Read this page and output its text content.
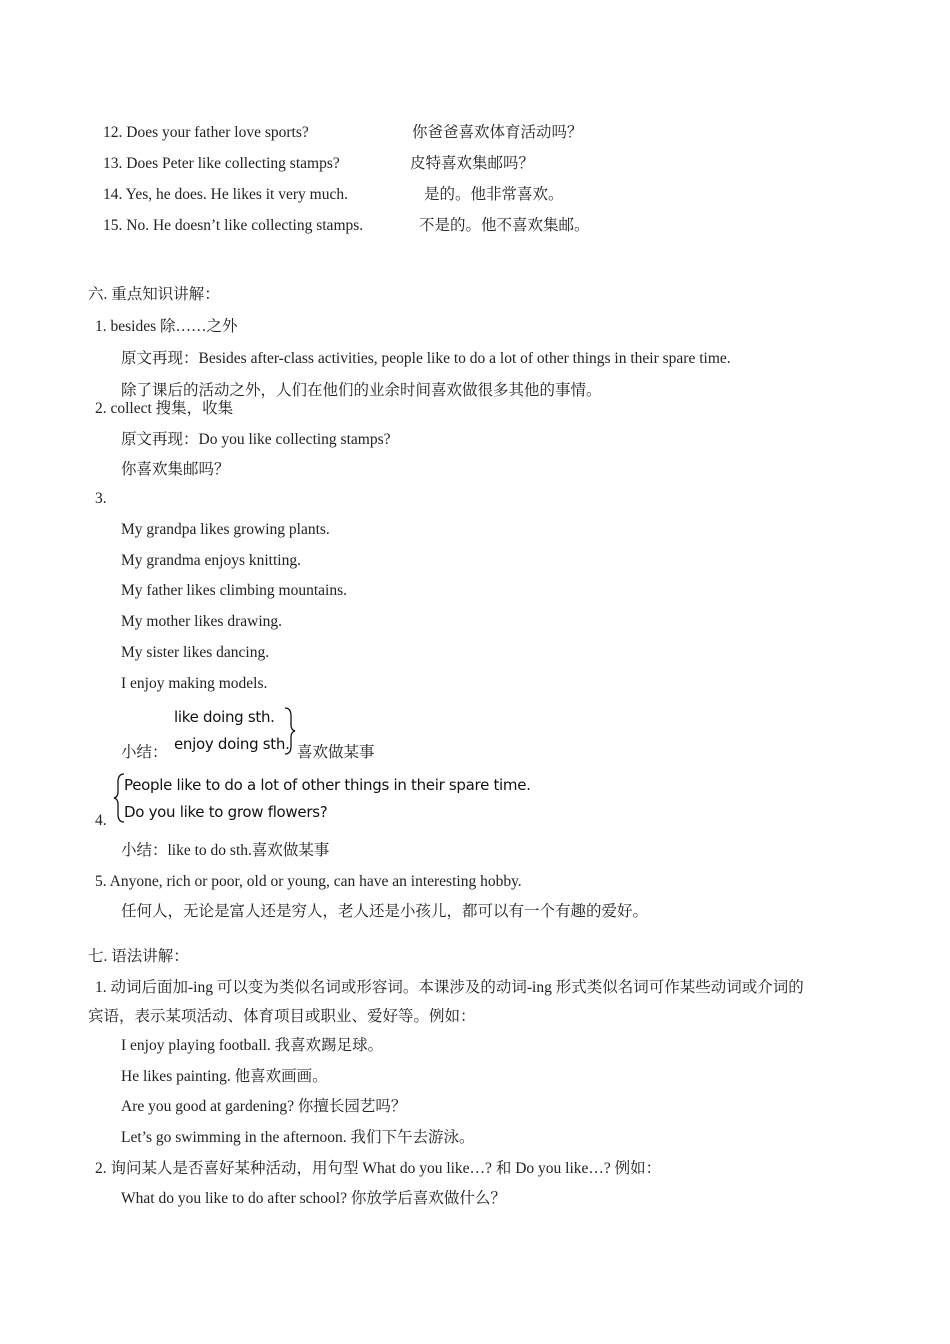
12. Does your father love sports?	你爸爸喜欢体育活动吗？
13. Does Peter like collecting stamps?	皮特喜欢集邮吗？
14. Yes, he does. He likes it very much.	是的。他非常喜欢。
15. No. He doesn’t like collecting stamps.	不是的。他不喜欢集邮。
六. 重点知识讲解：
1. besides 除……之外
原文再现：Besides after-class activities, people like to do a lot of other things in their spare time.
除了课后的活动之外，人们在他们的业余时间喜欢做很多其他的事情。
2. collect 搜集，收集
原文再现：Do you like collecting stamps?
你喜欢集邮吗？
3.
My grandpa likes growing plants.
My grandma enjoys knitting.
My father likes climbing mountains.
My mother likes drawing.
My sister likes dancing.
I enjoy making models.
like doing sth.
enjoy doing sth.
小结：	喜欢做某事
People like to do a lot of other things in their spare time.
Do you like to grow flowers?
4.
小结：like to do sth.喜欢做某事
5. Anyone, rich or poor, old or young, can have an interesting hobby.
任何人，无论是富人还是穷人，老人还是小孩儿，都可以有一个有趣的爱好。
七. 语法讲解：
1. 动词后面加-ing 可以变为类似名词或形容词。本课涉及的动词-ing 形式类似名词可作某些动词或介词的
宾语，表示某项活动、体育项目或职业、爱好等。例如：
I enjoy playing football. 我喜欢踢足球。
He likes painting. 他喜欢画画。
Are you good at gardening? 你擅长园艺吗？
Let’s go swimming in the afternoon. 我们下午去游泳。
2. 询问某人是否喜好某种活动，用句型 What do you like…? 和 Do you like…? 例如：
What do you like to do after school? 你放学后喜欢做什么？
